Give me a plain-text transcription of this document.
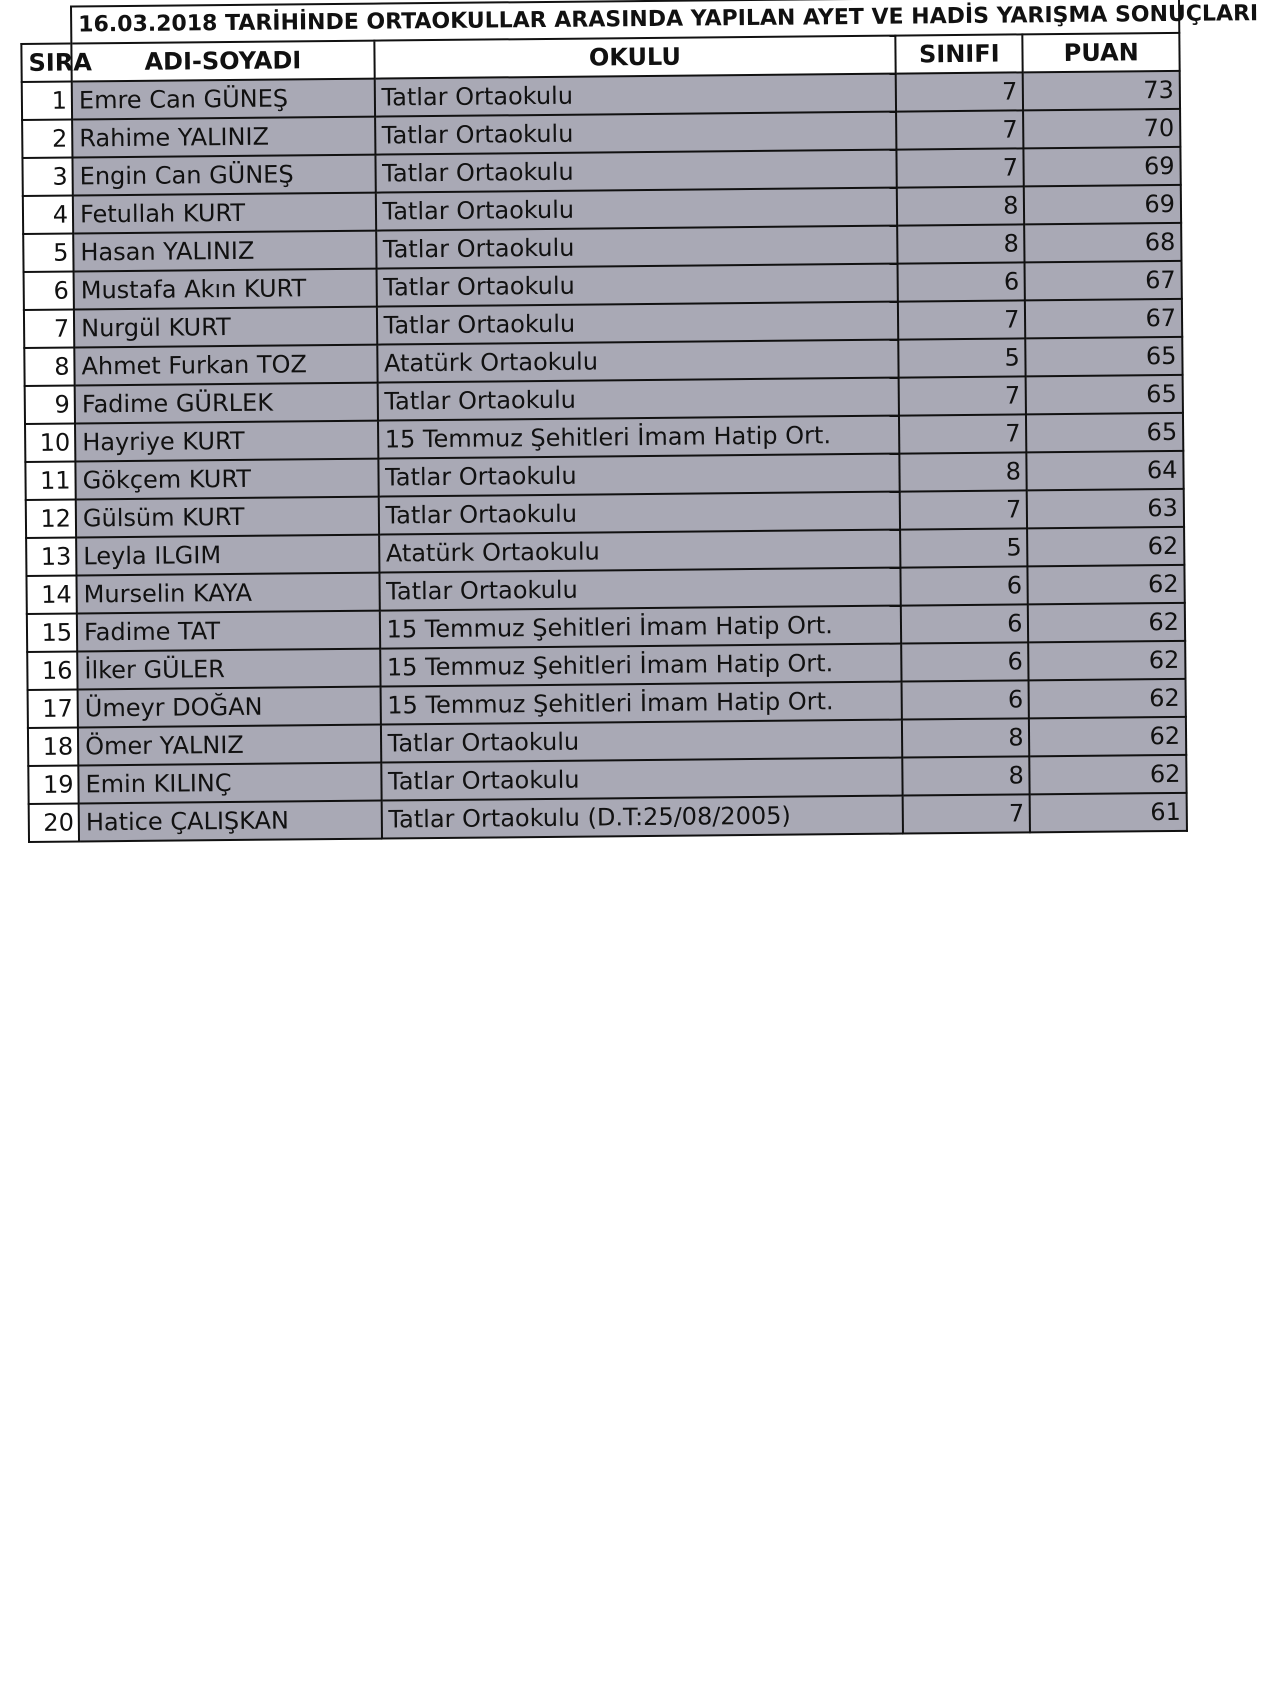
	16.03.2018 TARİHİNDE ORTAOKULLAR ARASINDA YAPILAN AYET VE HADİS YARIŞMA SONUÇLARI			
SIRA	ADI-SOYADI	OKULU	SINIFI	PUAN
1	Emre Can GÜNEŞ	Tatlar Ortaokulu	7	73
2	Rahime YALINIZ	Tatlar Ortaokulu	7	70
3	Engin Can GÜNEŞ	Tatlar Ortaokulu	7	69
4	Fetullah KURT	Tatlar Ortaokulu	8	69
5	Hasan YALINIZ	Tatlar Ortaokulu	8	68
6	Mustafa Akın KURT	Tatlar Ortaokulu	6	67
7	Nurgül KURT	Tatlar Ortaokulu	7	67
8	Ahmet Furkan TOZ	Atatürk Ortaokulu	5	65
9	Fadime GÜRLEK	Tatlar Ortaokulu	7	65
10	Hayriye KURT	15 Temmuz Şehitleri İmam Hatip Ort.	7	65
11	Gökçem KURT	Tatlar Ortaokulu	8	64
12	Gülsüm KURT	Tatlar Ortaokulu	7	63
13	Leyla ILGIM	Atatürk Ortaokulu	5	62
14	Murselin KAYA	Tatlar Ortaokulu	6	62
15	Fadime TAT	15 Temmuz Şehitleri İmam Hatip Ort.	6	62
16	İlker GÜLER	15 Temmuz Şehitleri İmam Hatip Ort.	6	62
17	Ümeyr DOĞAN	15 Temmuz Şehitleri İmam Hatip Ort.	6	62
18	Ömer YALNIZ	Tatlar Ortaokulu	8	62
19	Emin KILINÇ	Tatlar Ortaokulu	8	62
20	Hatice ÇALIŞKAN	Tatlar Ortaokulu (D.T:25/08/2005)	7	61
